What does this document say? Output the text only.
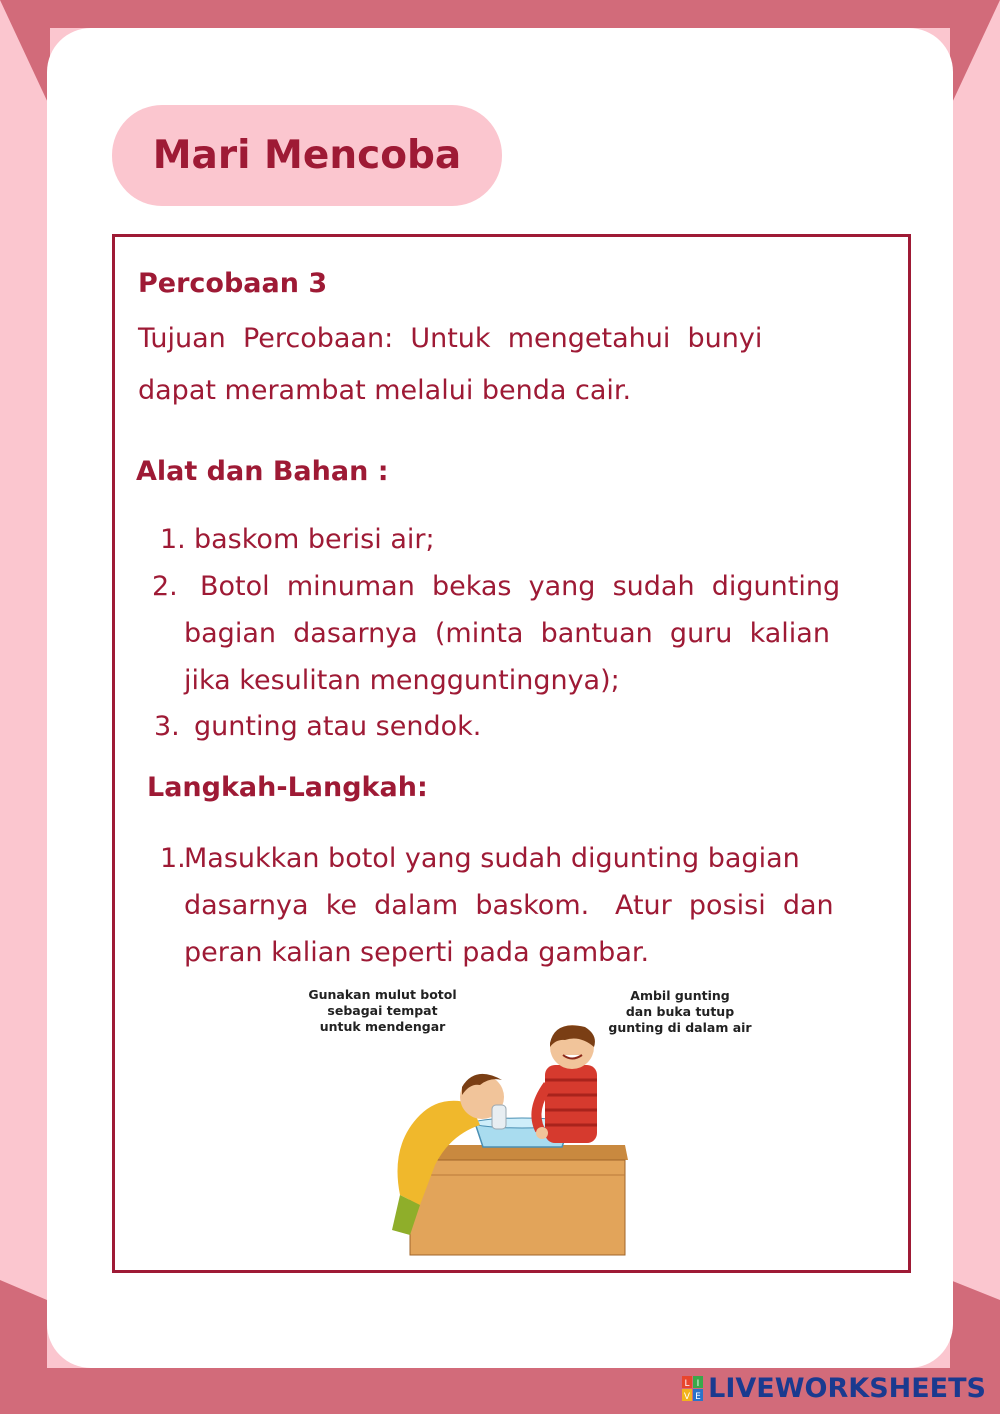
Mari Mencoba
Percobaan 3
Tujuan  Percobaan:  Untuk  mengetahui  bunyi
dapat merambat melalui benda cair.
Alat dan Bahan :
1. baskom berisi air;
2. Botol  minuman  bekas  yang  sudah  digunting
bagian  dasarnya  (minta  bantuan  guru  kalian
jika kesulitan mengguntingnya);
3. gunting atau sendok.
Langkah-Langkah:
1.
Masukkan botol yang sudah digunting bagian
dasarnya  ke  dalam  baskom.   Atur  posisi  dan
peran kalian seperti pada gambar.
Gunakan mulut botol
sebagai tempat
untuk mendengar
Ambil gunting
dan buka tutup
gunting di dalam air
L I
V E LIVEWORKSHEETS
